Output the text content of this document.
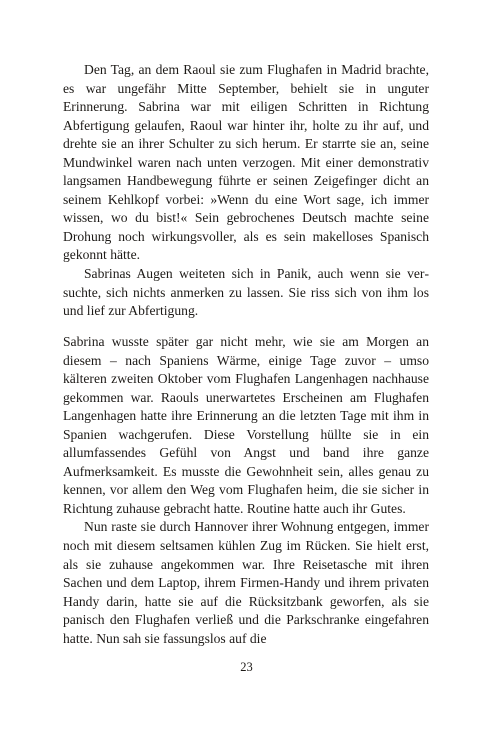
Den Tag, an dem Raoul sie zum Flughafen in Madrid brachte, es war ungefähr Mitte September, behielt sie in unguter Erinnerung. Sabrina war mit eiligen Schritten in Richtung Abfertigung gelaufen, Raoul war hinter ihr, holte zu ihr auf, und drehte sie an ihrer Schulter zu sich herum. Er starrte sie an, seine Mundwinkel waren nach unten verzogen. Mit einer demonstrativ langsamen Handbewegung führte er seinen Zeigefinger dicht an seinem Kehlkopf vorbei: »Wenn du eine Wort sage, ich immer wissen, wo du bist!« Sein gebrochenes Deutsch machte seine Drohung noch wirkungsvoller, als es sein makelloses Spanisch gekonnt hätte.

Sabrinas Augen weiteten sich in Panik, auch wenn sie versuchte, sich nichts anmerken zu lassen. Sie riss sich von ihm los und lief zur Abfertigung.

Sabrina wusste später gar nicht mehr, wie sie am Morgen an diesem – nach Spaniens Wärme, einige Tage zuvor – umso kälteren zweiten Oktober vom Flughafen Langenhagen nachhause gekommen war. Raouls unerwartetes Erscheinen am Flughafen Langenhagen hatte ihre Erinnerung an die letzten Tage mit ihm in Spanien wachgerufen. Diese Vorstellung hüllte sie in ein allumfassendes Gefühl von Angst und band ihre ganze Aufmerksamkeit. Es musste die Gewohnheit sein, alles genau zu kennen, vor allem den Weg vom Flughafen heim, die sie sicher in Richtung zuhause gebracht hatte. Routine hatte auch ihr Gutes.

Nun raste sie durch Hannover ihrer Wohnung entgegen, immer noch mit diesem seltsamen kühlen Zug im Rücken. Sie hielt erst, als sie zuhause angekommen war. Ihre Reisetasche mit ihren Sachen und dem Laptop, ihrem Firmen-Handy und ihrem privaten Handy darin, hatte sie auf die Rücksitzbank geworfen, als sie panisch den Flughafen verließ und die Parkschranke eingefahren hatte. Nun sah sie fassungslos auf die

23
